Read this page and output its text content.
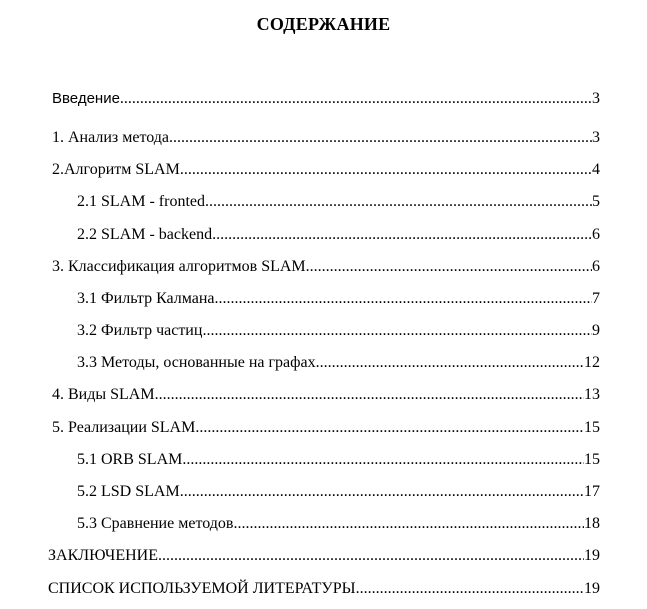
СОДЕРЖАНИЕ
Введение .....	3
1. Анализ метода .....	3
2.Алгоритм SLAM .....	4
2.1 SLAM - fronted .....	5
2.2 SLAM - backend .....	6
3. Классификация алгоритмов SLAM .....	6
3.1 Фильтр Калмана .....	7
3.2 Фильтр частиц .....	9
3.3 Методы, основанные на графах .....	12
4. Виды SLAM .....	13
5. Реализации SLAM .....	15
5.1 ORB SLAM .....	15
5.2 LSD SLAM .....	17
5.3 Сравнение методов .....	18
ЗАКЛЮЧЕНИЕ .....	19
СПИСОК ИСПОЛЬЗУЕМОЙ ЛИТЕРАТУРЫ .....	19
